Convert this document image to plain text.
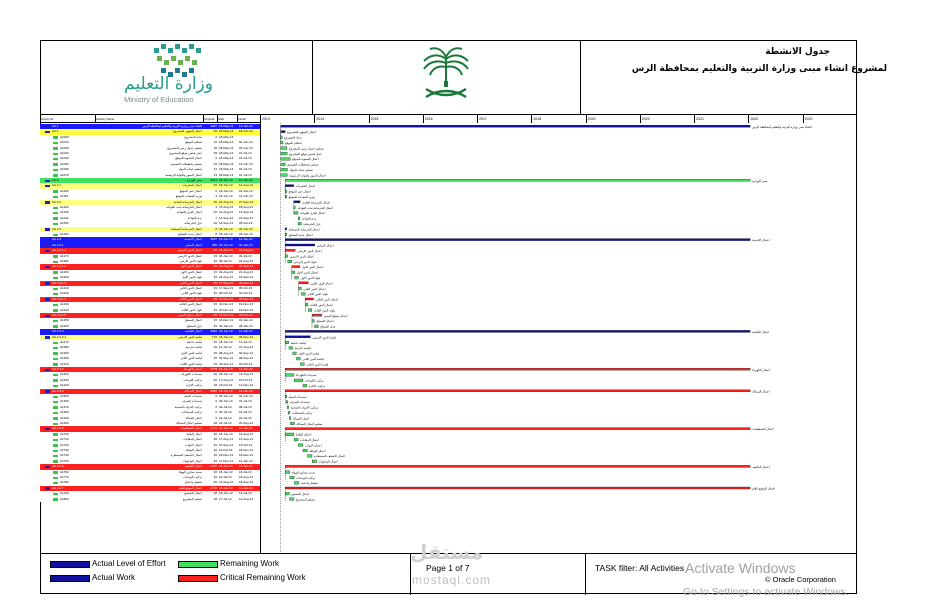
وزارة التعليم
Ministry of Education
جدول الانشطة
لمشروع انشاء مبنى وزارة التربية والتعليم بمحافظة الرس
Activity ID	Activity Name	Original	Start	Finish
AA.1	الشاء مبنى وزارة التربية والتعليم لمحافظة الرس	3287 18-May-13	12-Jan-22
AA.1	اعمال التجهيز للمشروع	26 18-May-13	18-Jun-13
A1000	بداية المشروع	0 18-May-13
A1010	استلام الموقع	15 18-May-13	04-Jun-13
A1020	تسليم جدول زمني للمشروع	35 18-May-13	29-Jun-13
A1030	عمل فحص موقع المشروع	35 18-May-13	01-Jul-13
A1040	اعمال التسوية للموقع	6 18-May-13	21-Jul-13
A1050	تسليم مخططات التصميم	15 18-May-13	19-Jun-13
A1060	تسليم عينات المواد	12 18-May-13	03-Jul-13
A1070	اعمال السور والبوابة الرئيسية	13 18-May-13	01-Jul-13
AA.2	مبنى الوزارة	3237 18-Jun-13	12-Jan-22
AA.2.1	اعمال الحفريات	60 18-Jun-13	14-Aug-13
A1100	اعمال حفر الموقع	6 18-Jun-13	24-Jun-13
A1110	توريد المعدات للموقع	4 18-Jun-13	21-Jun-13
AA.2.2	اعمال الخرسانة العادية	35 15-Aug-13	27-Sep-13
A1120	اعمال الخرسانة تحت القواعد	4 15-Aug-13	18-Aug-13
A1130	اعمال العزل للقواعد	20 19-Aug-13	13-Sep-13
A1140	ردم القواعد	7 14-Sep-13	21-Sep-13
A1150	عزل الخرسانة	20 14-Sep-13	05-Oct-13
AA.2.3	اعمال الخرسانة المسلحة	8 18-Jun-13	26-Jun-13
A1160	اعمال حديد التسليح	8 18-Jun-13	26-Jun-13
AA.2.4	اعمال الاعمدة	3187 18-Jun-13	12-Jan-22
AA.2.4.1	اعمال المبانى	280 18-Jun-13	04-Jan-14
AA.2.4.1.1	اعمال الدور الارضي	60 18-Jun-13	25-Aug-13
A1170	اعمال الدور الارضي	15 18-Jun-13	04-Jul-13
A1180	بلوك الدور الارضي	25 05-Jul-13	01-Aug-13
AA.2.4.1.2	اعمال الدور الاول	55 02-Aug-13	26-Sep-13
A1190	اعمال الدور الاول	15 02-Aug-13	21-Aug-13
A1200	بلوك الدور الاول	25 22-Aug-13	16-Sep-13
AA.2.4.1.3	اعمال الدور الثاني	56 17-Sep-13	22-Nov-13
A1210	اعمال الدور الثاني	15 17-Sep-13	05-Oct-13
A1220	بلوك الدور الثاني	25 06-Oct-13	31-Oct-13
AA.2.4.1.4	اعمال الدور الثالث	56 01-Nov-13	26-Dec-13
A1230	اعمال الدور الثالث	15 01-Nov-13	19-Nov-13
A1240	بلوك الدور الثالث	25 20-Nov-13	15-Dec-13
AA.2.4.1.5	اعمال سطح المبنى	60 16-Dec-13	20-Feb-14
A1250	اعمال السطح	15 16-Dec-13	02-Jan-14
A1260	عزل السطح	25 03-Jan-14	28-Jan-14
AA.2.4.2	اعمال اللياسة	3026 18-Jun-13	12-Jan-22
AA.2.4.2.1	لياسة الدور الارضي	170 18-Jun-13	05-Dec-13
A1270	لياسة داخلية	25 18-Jun-13	12-Jul-13
A1280	لياسة خارجية	25 13-Jul-13	07-Aug-13
A1290	لياسة الدور الاول	25 08-Aug-13	02-Sep-13
A1300	لياسة الدور الثاني	25 03-Sep-13	28-Sep-13
A1310	لياسة الدور الثالث	25 29-Sep-13	24-Oct-13
AA.2.4.3	اعمال الكهرباء	2778 18-Jun-13	12-Jan-22
A1320	تمديدات الكهرباء	60 18-Jun-13	16-Aug-13
A1330	تركيب اللوحات	60 17-Aug-13	15-Oct-13
A1340	تركيب الانارة	28 16-Oct-13	12-Nov-13
AA.2.4.4	اعمال السباكة	2596 18-Jun-13	12-Jan-22
A1350	تمديدات المياه	6 18-Jun-13	24-Jun-13
A1360	تمديدات الصرف	6 25-Jun-13	01-Jul-13
A1370	تركيب الادوات الصحية	6 02-Jul-13	08-Jul-13
A1380	تركيب السخانات	6 09-Jul-13	15-Jul-13
A1390	اختبار الشبكة	6 16-Jul-13	22-Jul-13
A1400	تسليم اعمال السباكة	28 23-Jul-13	20-Aug-13
AA.2.4.5	اعمال التشطيبات	2776 18-Jun-13	12-Jan-22
A1700	اعمال البلاط	60 18-Jun-13	16-Aug-13
A1710	اعمال الدهانات	28 17-Aug-13	14-Sep-13
A1720	اعمال الابواب	30 15-Sep-13	15-Oct-13
A1730	اعمال النوافذ	30 16-Oct-13	15-Nov-13
A1740	اعمال الاسقف المستعارة	30 16-Nov-13	16-Dec-13
A1750	اعمال الواجهات	30 17-Dec-13	16-Jan-14
AA.2.4.6	اعمال التكييف	2756 18-Jun-13	12-Jan-22
A1760	تمديد مجاري الهواء	30 18-Jun-13	18-Jul-13
A1770	تركيب الوحدات	30 19-Jul-13	18-Aug-13
A1780	تشغيل واختبار	30 19-Aug-13	18-Sep-13
AA.2.4.7	اعمال الموقع العام	2738 18-Jun-13	12-Jan-22
A1790	اعمال التنسيق	28 18-Jun-13	16-Jul-13
A1800	تسليم المشروع	28 17-Jul-13	14-Aug-13
2013	2014	2015	2016	2017	2018	2019	2020	2021	2022	2023
الشاء مبنى وزارة التربية والتعليم لمحافظة الرس
اعمال التجهيز للمشروع
بداية المشروع
استلام الموقع
تسليم جدول زمني للمشروع
عمل فحص موقع المشروع
اعمال التسوية للموقع
تسليم مخططات التصميم
تسليم عينات المواد
اعمال السور والبوابة الرئيسية
مبنى الوزارة
اعمال الحفريات
اعمال حفر الموقع
توريد المعدات للموقع
اعمال الخرسانة العادية
اعمال الخرسانة تحت القواعد
اعمال العزل للقواعد
ردم القواعد
عزل الخرسانة
اعمال الخرسانة المسلحة
اعمال حديد التسليح
اعمال الاعمدة
اعمال المبانى
اعمال الدور الارضي
اعمال الدور الارضي
بلوك الدور الارضي
اعمال الدور الاول
اعمال الدور الاول
بلوك الدور الاول
اعمال الدور الثاني
اعمال الدور الثاني
بلوك الدور الثاني
اعمال الدور الثالث
اعمال الدور الثالث
بلوك الدور الثالث
اعمال سطح المبنى
اعمال السطح
عزل السطح
اعمال اللياسة
لياسة الدور الارضي
لياسة داخلية
لياسة خارجية
لياسة الدور الاول
لياسة الدور الثاني
لياسة الدور الثالث
اعمال الكهرباء
تمديدات الكهرباء
تركيب اللوحات
تركيب الانارة
اعمال السباكة
تمديدات المياه
تمديدات الصرف
تركيب الادوات الصحية
تركيب السخانات
اختبار الشبكة
تسليم اعمال السباكة
اعمال التشطيبات
اعمال البلاط
اعمال الدهانات
اعمال الابواب
اعمال النوافذ
اعمال الاسقف المستعارة
اعمال الواجهات
اعمال التكييف
تمديد مجاري الهواء
تركيب الوحدات
تشغيل واختبار
اعمال الموقع العام
اعمال التنسيق
تسليم المشروع
Actual Level of Effort
Actual Work
Remaining Work
Critical Remaining Work
Page 1 of 7	TASK filter: All Activities
© Oracle Corporation
مستقل
mostaql.com
Activate Windows
Go to Settings to activate Windows.
